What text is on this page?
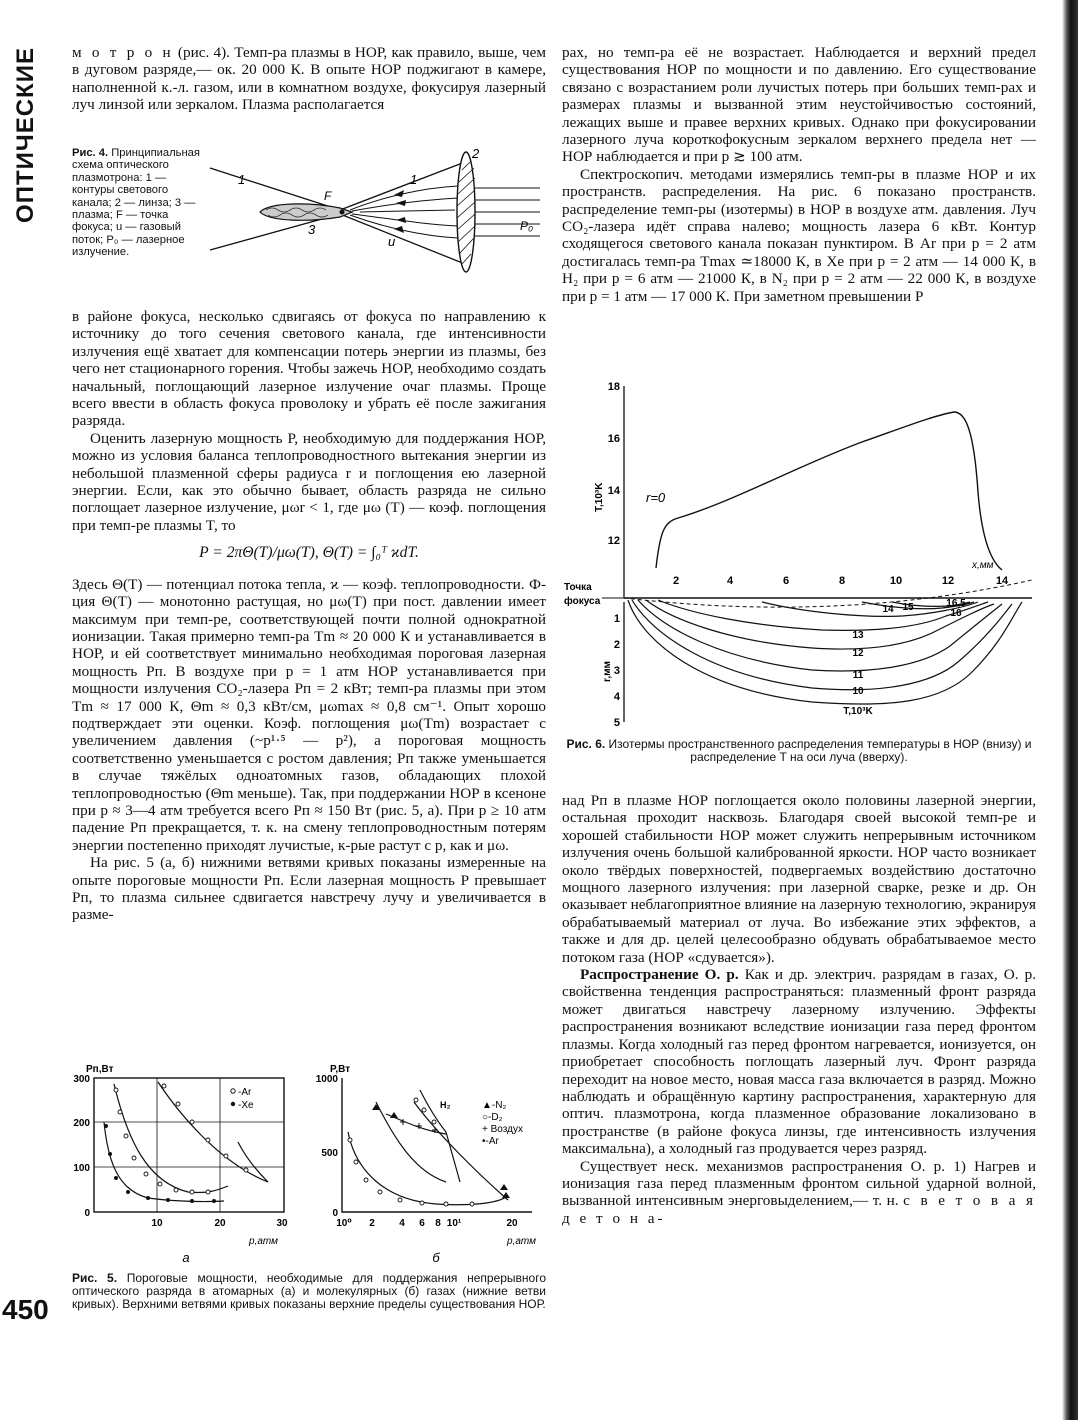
ОПТИЧЕСКИЕ
450

м о т р о н (рис. 4). Темп-ра плазмы в НОР, как правило, выше, чем в дуговом разряде,— ок. 20 000 К. В опыте НОР поджигают в камере, наполненной к.-л. газом, или в комнатном воздухе, фокусируя лазерный луч линзой или зеркалом. Плазма располагается

Рис. 4. Принципиальная схема оптического плазмотрона: 1 — контуры светового канала; 2 — линза; 3 — плазма; F — точка фокуса; u — газовый поток; P₀ — лазерное излучение.
1	1
2
3
F
u
P₀

в районе фокуса, несколько сдвигаясь от фокуса по направлению к источнику до того сечения светового канала, где интенсивности излучения ещё хватает для компенсации потерь энергии из плазмы, без чего нет стационарного горения. Чтобы зажечь НОР, необходимо создать начальный, поглощающий лазерное излучение очаг плазмы. Проще всего ввести в область фокуса проволоку и убрать её после зажигания разряда.

Оценить лазерную мощность P, необходимую для поддержания НОР, можно из условия баланса теплопроводностного вытекания энергии из небольшой плазменной сферы радиуса r и поглощения ею лазерной энергии. Если, как это обычно бывает, область разряда не сильно поглощает лазерное излучение, μωr < 1, где μω (T) — коэф. поглощения при темп-ре плазмы T, то

P = 2πΘ(T)/μω(T), Θ(T) = ∫₀ᵀ ϰdT.

Здесь Θ(T) — потенциал потока тепла, ϰ — коэф. теплопроводности. Ф-ция Θ(T) — монотонно растущая, но μω(T) при пост. давлении имеет максимум при темп-ре, соответствующей почти полной однократной ионизации. Такая примерно темп-ра Tm ≈ 20 000 К и устанавливается в НОР, и ей соответствует минимально необходимая пороговая лазерная мощность Pп. В воздухе при p = 1 атм НОР устанавливается при мощности излучения CO₂-лазера Pп = 2 кВт; темп-ра плазмы при этом Tm ≈ 17 000 К, Θm ≈ 0,3 кВт/см, μωmax ≈ 0,8 см⁻¹. Опыт хорошо подтверждает эти оценки. Коэф. поглощения μω(Tm) возрастает с увеличением давления (~p¹·⁵ — p²), а пороговая мощность соответственно уменьшается с ростом давления; Pп также уменьшается в случае тяжёлых одноатомных газов, обладающих плохой теплопроводностью (Θm меньше). Так, при поддержании НОР в ксеноне при p ≈ 3—4 атм требуется всего Pп ≈ 150 Вт (рис. 5, а). При p ≥ 10 атм падение Pп прекращается, т. к. на смену теплопроводностным потерям энергии постепенно приходят лучистые, к-рые растут с p, как и μω.

На рис. 5 (а, б) нижними ветвями кривых показаны измеренные на опыте пороговые мощности Pп. Если лазерная мощность P превышает Pп, то плазма сильнее сдвигается навстречу лучу и увеличивается в разме-

Pп,Вт
300
200
100
0
10	20	30
p,атм
-Ar
-Xe
а
P,Вт
1000
500
0
10⁰ 2 4 6 8 10¹	20
p,атм
▲-N₂
○-D₂
+ Воздух
•-Ar
H₂
б
Рис. 5. Пороговые мощности, необходимые для поддержания непрерывного оптического разряда в атомарных (а) и молекулярных (б) газах (нижние ветви кривых). Верхними ветвями кривых показаны верхние пределы существования НОР.

рах, но темп-ра её не возрастает. Наблюдается и верхний предел существования НОР по мощности и по давлению. Его существование связано с возрастанием роли лучистых потерь при больших темп-рах и размерах плазмы и вызванной этим неустойчивостью состояний, лежащих выше и правее верхних кривых. Однако при фокусировании лазерного луча короткофокусным зеркалом верхнего предела нет — НОР наблюдается и при p ≳ 100 атм.

Спектроскопич. методами измерялись темп-ры в плазме НОР и их пространств. распределения. На рис. 6 показано пространств. распределение темп-ры (изотермы) в НОР в воздухе атм. давления. Луч CO₂-лазера идёт справа налево; мощность лазера 6 кВт. Контур сходящегося светового канала показан пунктиром. В Ar при p = 2 атм достигалась темп-ра Tmax ≃18000 К, в Xe при p = 2 атм — 14 000 К, в H₂ при p = 6 атм — 21000 К, в N₂ при p = 2 атм — 22 000 К, в воздухе при p = 1 атм — 17 000 К. При заметном превышении P

18
16
14
12
T,10³K	r=0
2	4	6	8	10	12	14
x,мм
Точка
фокуса
1
2
3
4
5
r,мм
16,5
16
15
14
13
12
11
10
T,10³K
Рис. 6. Изотермы пространственного распределения температуры в НОР (внизу) и распределение T на оси луча (вверху).

над Pп в плазме НОР поглощается около половины лазерной энергии, остальная проходит насквозь. Благодаря своей высокой темп-ре и хорошей стабильности НОР может служить непрерывным источником излучения очень большой калиброванной яркости. НОР часто возникает около твёрдых поверхностей, подвергаемых воздействию достаточно мощного лазерного излучения: при лазерной сварке, резке и др. Он оказывает неблагоприятное влияние на лазерную технологию, экранируя обрабатываемый материал от луча. Во избежание этих эффектов, а также и для др. целей целесообразно обдувать обрабатываемое место потоком газа (НОР «сдувается»).

Распространение О. р. Как и др. электрич. разрядам в газах, О. р. свойственна тенденция распространяться: плазменный фронт разряда может двигаться навстречу лазерному излучению. Эффекты распространения возникают вследствие ионизации газа перед фронтом плазмы. Когда холодный газ перед фронтом нагревается, ионизуется, он приобретает способность поглощать лазерный луч. Фронт разряда переходит на новое место, новая масса газа включается в разряд. Можно наблюдать и обращённую картину распространения, характерную для оптич. плазмотрона, когда плазменное образование локализовано в пространстве (в районе фокуса линзы, где интенсивность излучения максимальна), а холодный газ продувается через разряд.

Существует неск. механизмов распространения О. р. 1) Нагрев и ионизация газа перед плазменным фронтом сильной ударной волной, вызванной интенсивным энерговыделением,— т. н. с в е т о в а я д е т о н а-
